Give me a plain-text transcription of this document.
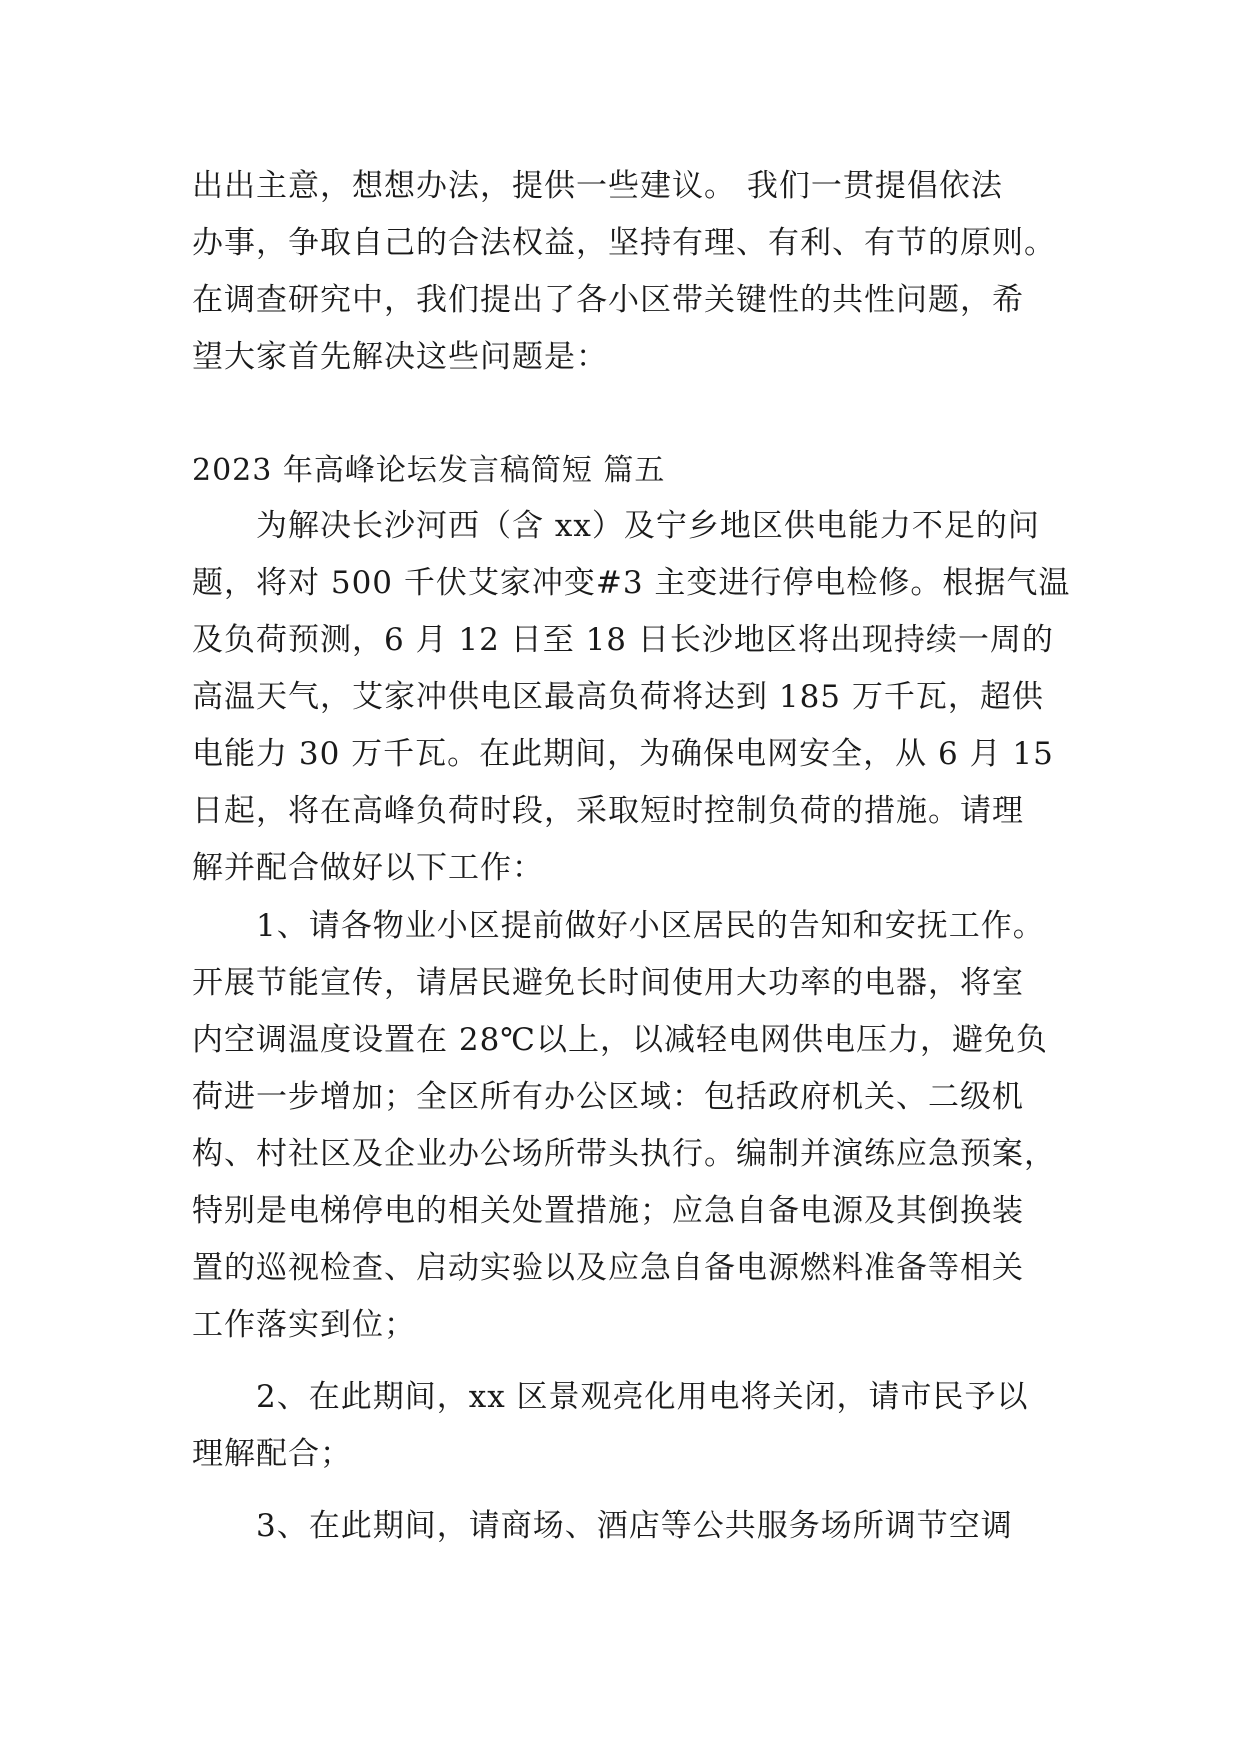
出出主意，想想办法，提供一些建议。 我们一贯提倡依法
办事，争取自己的合法权益，坚持有理、有利、有节的原则。
在调查研究中，我们提出了各小区带关键性的共性问题，希
望大家首先解决这些问题是：
2023 年高峰论坛发言稿简短 篇五
为解决长沙河西（含 xx）及宁乡地区供电能力不足的问
题，将对 500 千伏艾家冲变#3 主变进行停电检修。根据气温
及负荷预测，6 月 12 日至 18 日长沙地区将出现持续一周的
高温天气，艾家冲供电区最高负荷将达到 185 万千瓦，超供
电能力 30 万千瓦。在此期间，为确保电网安全，从 6 月 15
日起，将在高峰负荷时段，采取短时控制负荷的措施。请理
解并配合做好以下工作：
1、请各物业小区提前做好小区居民的告知和安抚工作。
开展节能宣传，请居民避免长时间使用大功率的电器，将室
内空调温度设置在 28℃以上，以减轻电网供电压力，避免负
荷进一步增加；全区所有办公区域：包括政府机关、二级机
构、村社区及企业办公场所带头执行。编制并演练应急预案，
特别是电梯停电的相关处置措施；应急自备电源及其倒换装
置的巡视检查、启动实验以及应急自备电源燃料准备等相关
工作落实到位；
2、在此期间，xx 区景观亮化用电将关闭，请市民予以
理解配合；
3、在此期间，请商场、酒店等公共服务场所调节空调
